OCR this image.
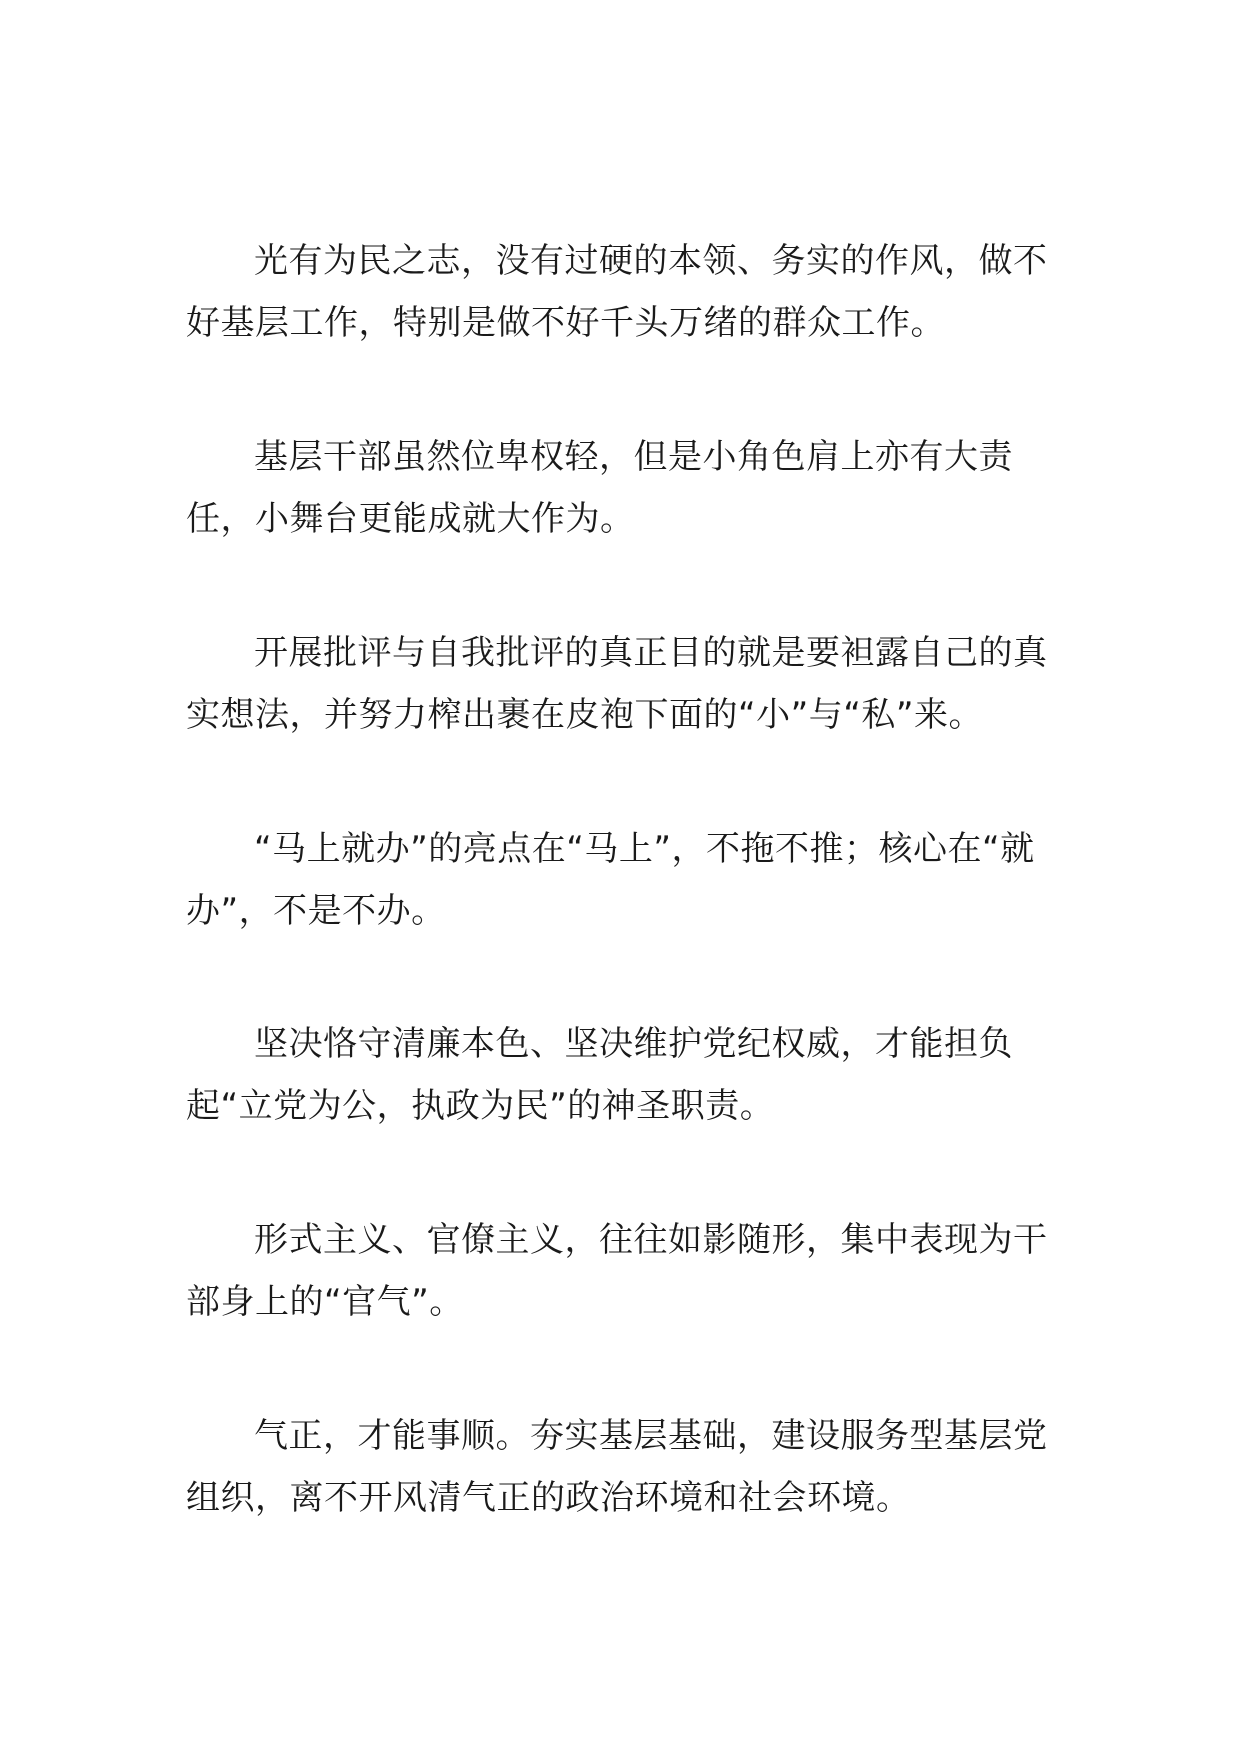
光有为民之志，没有过硬的本领、务实的作风，做不好基层工作，特别是做不好千头万绪的群众工作。

基层干部虽然位卑权轻，但是小角色肩上亦有大责任，小舞台更能成就大作为。

开展批评与自我批评的真正目的就是要袒露自己的真实想法，并努力榨出裹在皮袍下面的“小”与“私”来。

“马上就办”的亮点在“马上”，不拖不推；核心在“就办”，不是不办。

坚决恪守清廉本色、坚决维护党纪权威，才能担负起“立党为公，执政为民”的神圣职责。

形式主义、官僚主义，往往如影随形，集中表现为干部身上的“官气”。

气正，才能事顺。夯实基层基础，建设服务型基层党组织，离不开风清气正的政治环境和社会环境。
